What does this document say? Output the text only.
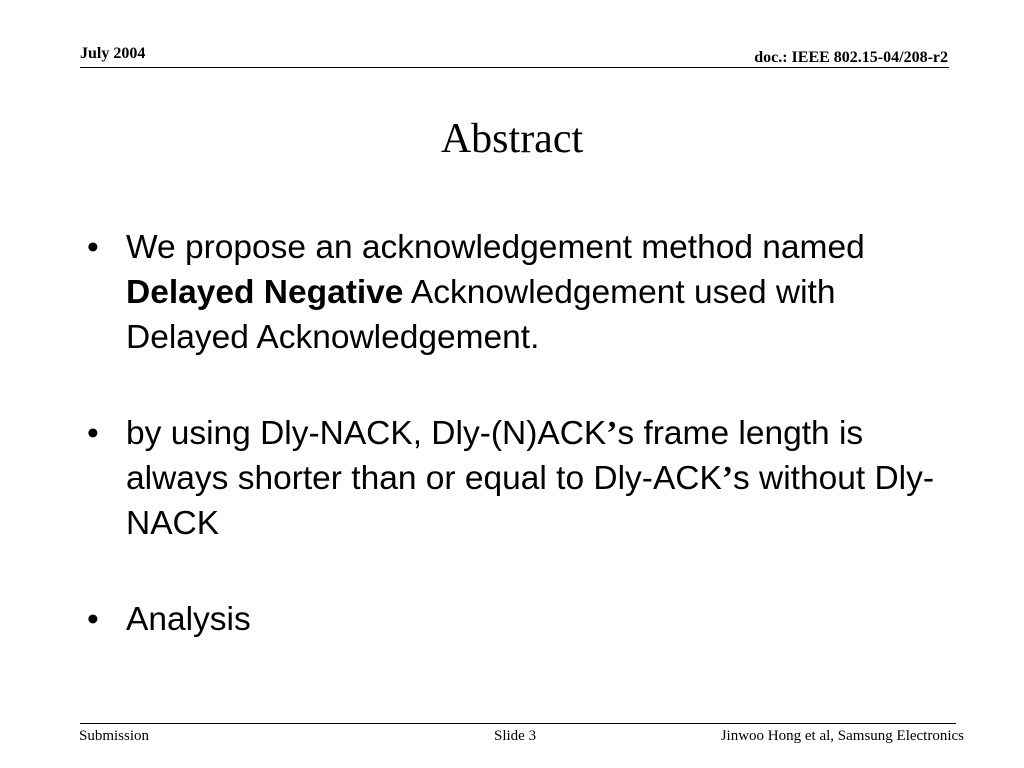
July 2004	doc.: IEEE 802.15-04/208-r2
Abstract
• We propose an acknowledgement method named Delayed Negative Acknowledgement used with Delayed Acknowledgement.
• by using Dly-NACK, Dly-(N)ACK’s frame length is always shorter than or equal to Dly-ACK’s without Dly-NACK
• Analysis
Submission	Slide 3	Jinwoo Hong et al, Samsung Electronics
